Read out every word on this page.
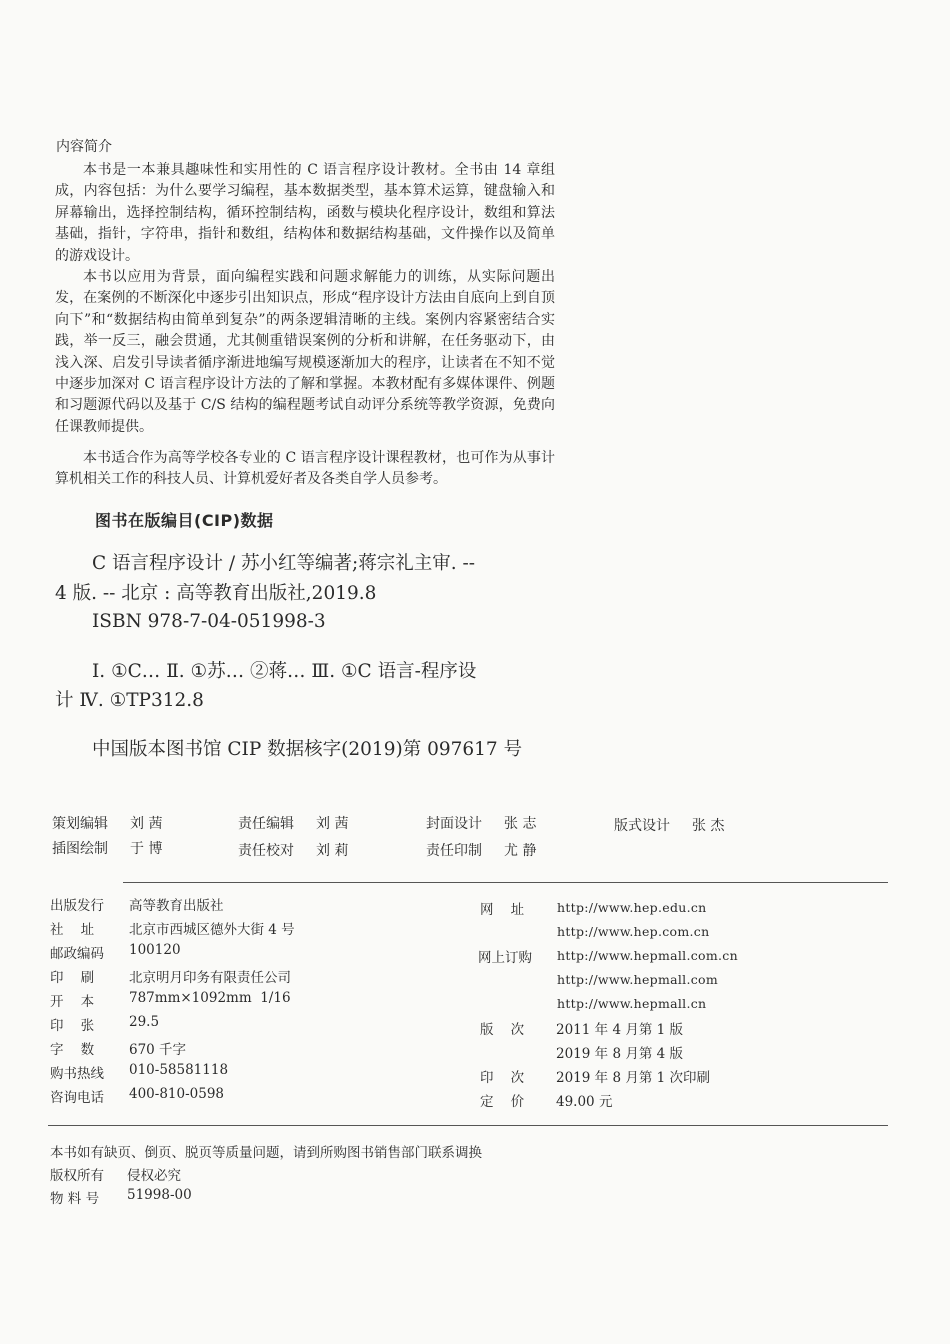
内容简介
本书是一本兼具趣味性和实用性的 C 语言程序设计教材。全书由 14 章组成，内容包括：为什么要学习编程，基本数据类型，基本算术运算，键盘输入和屏幕输出，选择控制结构，循环控制结构，函数与模块化程序设计，数组和算法基础，指针，字符串，指针和数组，结构体和数据结构基础，文件操作以及简单的游戏设计。
本书以应用为背景，面向编程实践和问题求解能力的训练，从实际问题出发，在案例的不断深化中逐步引出知识点，形成“程序设计方法由自底向上到自顶向下”和“数据结构由简单到复杂”的两条逻辑清晰的主线。案例内容紧密结合实践，举一反三，融会贯通，尤其侧重错误案例的分析和讲解，在任务驱动下，由浅入深、启发引导读者循序渐进地编写规模逐渐加大的程序，让读者在不知不觉中逐步加深对 C 语言程序设计方法的了解和掌握。本教材配有多媒体课件、例题和习题源代码以及基于 C/S 结构的编程题考试自动评分系统等教学资源，免费向任课教师提供。
本书适合作为高等学校各专业的 C 语言程序设计课程教材，也可作为从事计算机相关工作的科技人员、计算机爱好者及各类自学人员参考。
图书在版编目(CIP)数据
C 语言程序设计 / 苏小红等编著;蒋宗礼主审. --
4 版. -- 北京 : 高等教育出版社,2019.8
ISBN 978-7-04-051998-3
Ⅰ. ①C… Ⅱ. ①苏… ②蒋… Ⅲ. ①C 语言-程序设
计 Ⅳ. ①TP312.8
中国版本图书馆 CIP 数据核字(2019)第 097617 号
策划编辑 刘 茜	责任编辑 刘 茜	封面设计 张 志	版式设计 张 杰
插图绘制 于 博	责任校对 刘 莉	责任印制 尤 静
出版发行 高等教育出版社
社    址	北京市西城区德外大街 4 号
邮政编码 100120
印    刷	北京明月印务有限责任公司
开    本	787mm×1092mm  1/16
印    张	29.5
字    数	670 千字
购书热线 010-58581118
咨询电话 400-810-0598
网    址	http://www.hep.edu.cn
http://www.hep.com.cn
网上订购 http://www.hepmall.com.cn
http://www.hepmall.com
http://www.hepmall.cn
版    次 2011 年 4 月第 1 版
2019 年 8 月第 4 版
印    次 2019 年 8 月第 1 次印刷
定    价 49.00 元
本书如有缺页、倒页、脱页等质量问题，请到所购图书销售部门联系调换
版权所有 侵权必究
物 料 号 51998-00
